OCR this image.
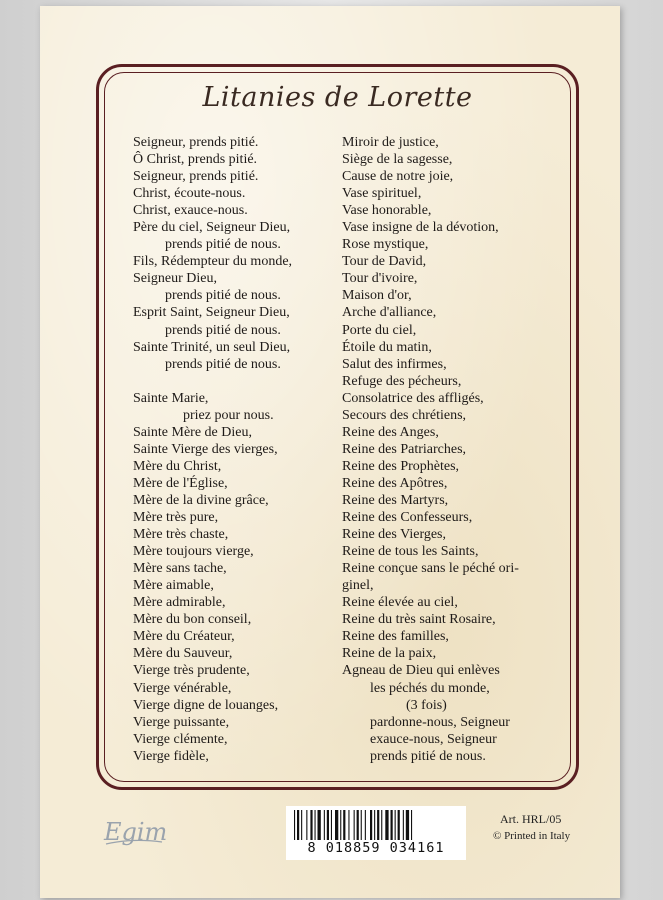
Litanies de Lorette
Seigneur, prends pitié.
Ô Christ, prends pitié.
Seigneur, prends pitié.
Christ, écoute-nous.
Christ, exauce-nous.
Père du ciel, Seigneur Dieu,
prends pitié de nous.
Fils, Rédempteur du monde,
Seigneur Dieu,
prends pitié de nous.
Esprit Saint, Seigneur Dieu,
prends pitié de nous.
Sainte Trinité, un seul Dieu,
prends pitié de nous.
Sainte Marie,
priez pour nous.
Sainte Mère de Dieu,
Sainte Vierge des vierges,
Mère du Christ,
Mère de l'Église,
Mère de la divine grâce,
Mère très pure,
Mère très chaste,
Mère toujours vierge,
Mère sans tache,
Mère aimable,
Mère admirable,
Mère du bon conseil,
Mère du Créateur,
Mère du Sauveur,
Vierge très prudente,
Vierge vénérable,
Vierge digne de louanges,
Vierge puissante,
Vierge clémente,
Vierge fidèle,
Miroir de justice,
Siège de la sagesse,
Cause de notre joie,
Vase spirituel,
Vase honorable,
Vase insigne de la dévotion,
Rose mystique,
Tour de David,
Tour d'ivoire,
Maison d'or,
Arche d'alliance,
Porte du ciel,
Étoile du matin,
Salut des infirmes,
Refuge des pécheurs,
Consolatrice des affligés,
Secours des chrétiens,
Reine des Anges,
Reine des Patriarches,
Reine des Prophètes,
Reine des Apôtres,
Reine des Martyrs,
Reine des Confesseurs,
Reine des Vierges,
Reine de tous les Saints,
Reine conçue sans le péché ori-
ginel,
Reine élevée au ciel,
Reine du très saint Rosaire,
Reine des familles,
Reine de la paix,
Agneau de Dieu qui enlèves
les péchés du monde,
(3 fois)
pardonne-nous, Seigneur
exauce-nous, Seigneur
prends pitié de nous.
Egim
8 018859 034161
Art. HRL/05
© Printed in Italy
